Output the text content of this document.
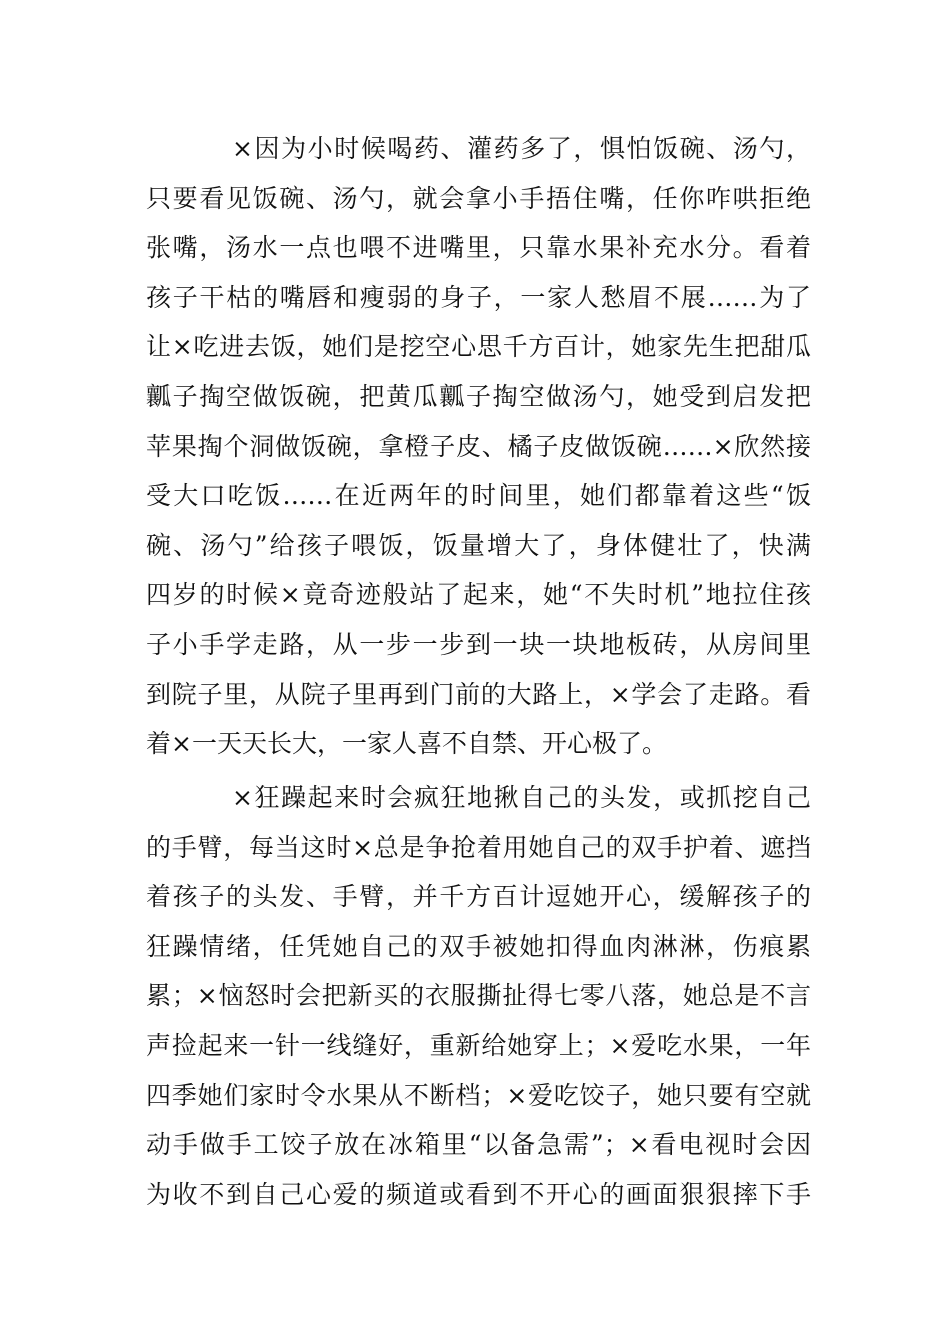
×因为小时候喝药、灌药多了，惧怕饭碗、汤勺，
只要看见饭碗、汤勺，就会拿小手捂住嘴，任你咋哄拒绝
张嘴，汤水一点也喂不进嘴里，只靠水果补充水分。看着
孩子干枯的嘴唇和瘦弱的身子，一家人愁眉不展……为了
让×吃进去饭，她们是挖空心思千方百计，她家先生把甜瓜
瓤子掏空做饭碗，把黄瓜瓤子掏空做汤勺，她受到启发把
苹果掏个洞做饭碗，拿橙子皮、橘子皮做饭碗……×欣然接
受大口吃饭……在近两年的时间里，她们都靠着这些“饭
碗、汤勺”给孩子喂饭，饭量增大了，身体健壮了，快满
四岁的时候×竟奇迹般站了起来，她“不失时机”地拉住孩
子小手学走路，从一步一步到一块一块地板砖，从房间里
到院子里，从院子里再到门前的大路上，×学会了走路。看
着×一天天长大，一家人喜不自禁、开心极了。
×狂躁起来时会疯狂地揪自己的头发，或抓挖自己
的手臂，每当这时×总是争抢着用她自己的双手护着、遮挡
着孩子的头发、手臂，并千方百计逗她开心，缓解孩子的
狂躁情绪，任凭她自己的双手被她扣得血肉淋淋，伤痕累
累；×恼怒时会把新买的衣服撕扯得七零八落，她总是不言
声捡起来一针一线缝好，重新给她穿上；×爱吃水果，一年
四季她们家时令水果从不断档；×爱吃饺子，她只要有空就
动手做手工饺子放在冰箱里“以备急需”；×看电视时会因
为收不到自己心爱的频道或看到不开心的画面狠狠摔下手
